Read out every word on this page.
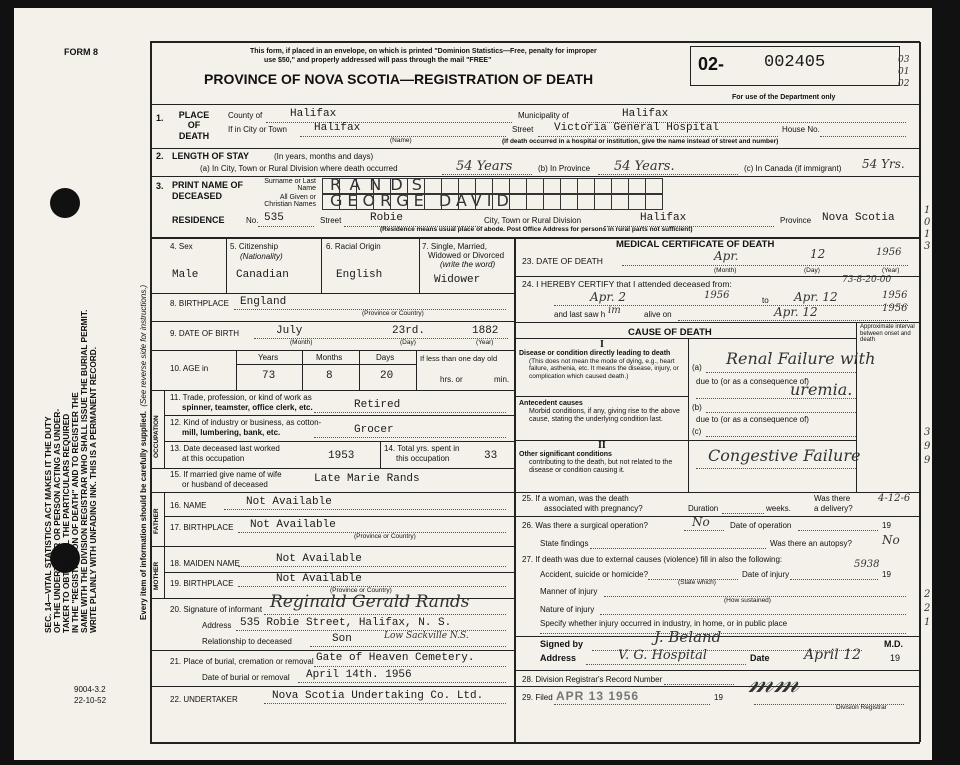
SEC. 14—VITAL STATISTICS ACT MAKES IT THE DUTY
OF THE UNDERTAKER OR PERSON ACTING AS UNDER-
TAKER TO OBTAIN ALL THE PARTICULARS REQUIRED
IN THE "REGISTRATION OF DEATH" AND TO REGISTER THE
SAME WITH THE DIVISION REGISTRAR WHO SHALL ISSUE THE BURIAL PERMIT.
WRITE PLAINLY WITH UNFADING INK. THIS IS A PERMANENT RECORD.	Every item of information should be carefully supplied.  (See reverse side for instructions.)
FORM 8
9004-3.2
22-10-52
This form, if placed in an envelope, on which is printed "Dominion Statistics—Free, penalty for improper
use $50," and properly addressed will pass through the mail "FREE"
PROVINCE OF NOVA SCOTIA—REGISTRATION OF DEATH
02- 002405
For use of the Department only
03
01
02
1.	PLACE OF DEATH
County of	Halifax	Municipality of	Halifax
If in City or Town Halifax
(Name)
Street Victoria General Hospital	House No.
(If death occurred in a hospital or institution, give the name instead of street and number)
2. LENGTH OF STAY	(In years, months and days)
(a) In City, Town or Rural Division where death occurred	54 Years	(b) In Province 54 Years.	(c) In Canada (if immigrant) 54 Yrs.
3. PRINT NAME OF DECEASED
Surname or Last Name
All Given or Christian Names
RANDS
GEORGE DAVID
RESIDENCE	No. 535	Street	Robie	City, Town or Rural Division	Halifax	Province Nova Scotia
(Residence means usual place of abode. Post Office Address for persons in rural parts not sufficient)
4. Sex
Male
5. Citizenship
(Nationality)
Canadian
6. Racial Origin
English
7. Single, Married,
Widowed or Divorced
(write the word)
Widower
8. BIRTHPLACE England
(Province or Country)
9. DATE OF BIRTH	July	23rd.	1882
(Month)	(Day)	(Year)
10. AGE in
Years	Months	Days
73	8	20
If less than one day old
hrs. or	min.
OCCUPATION
11. Trade, profession, or kind of work as
spinner, teamster, office clerk, etc.	Retired
12. Kind of industry or business, as cotton-
mill, lumbering, bank, etc.	Grocer
13. Date deceased last worked
at this occupation	1953
14. Total yrs. spent in
this occupation	33
15. If married give name of wife
or husband of deceased	Late Marie Rands
FATHER
16. NAME	Not Available
17. BIRTHPLACE Not Available
(Province or Country)
MOTHER 18. MAIDEN NAME	Not Available
19. BIRTHPLACE	Not Available
(Province or Country)
20. Signature of informant Reginald Gerald Rands
Address 535 Robie Street, Halifax, N. S.
Relationship to deceased	Son	Low Sackville N.S.
21. Place of burial, cremation or removal Gate of Heaven Cemetery.
Date of burial or removal April 14th. 1956
22. UNDERTAKER	Nova Scotia Undertaking Co. Ltd.
MEDICAL CERTIFICATE OF DEATH
23. DATE OF DEATH	Apr.	12	1956
(Month)	(Day)	(Year)
24. I HEREBY CERTIFY that I attended deceased from:	73-8-20-00
Apr. 2	1956	to Apr. 12	1956
and last saw h im	alive on	Apr. 12	1956
CAUSE OF DEATH	Approximate interval between onset and death
I
Disease or condition directly leading to death
(This does not mean the mode of dying, e.g., heart failure, asthenia, etc. It means the disease, injury, or complication which caused death.)
(a) Renal Failure with
due to (or as a consequence of)
uremia.
Antecedent causes
Morbid conditions, if any, giving rise to the above cause, stating the underlying condition last.
(b)
due to (or as a consequence of)
(c)
II
Other significant conditions
contributing to the death, but not related to the disease or condition causing it.
Congestive Failure
25. If a woman, was the death
associated with pregnancy?	Duration	weeks.
Was there
a delivery?
4-12-6
26. Was there a surgical operation?	No	Date of operation	19
State findings	Was there an autopsy?	No
27. If death was due to external causes (violence) fill in also the following:
Accident, suicide or homicide?
(State which)
Date of injury	19
5938
Manner of injury
(How sustained)
Nature of injury
Specify whether injury occurred in industry, in home, or in public place
Signed by	J. Beland	M.D.
Address	V. G. Hospital	Date April 12	19
28. Division Registrar's Record Number
29. Filed APR 13 1956	19 𝓂𝓂
Division Registrar
1
0
1
3
3
9
9
2
2
1
